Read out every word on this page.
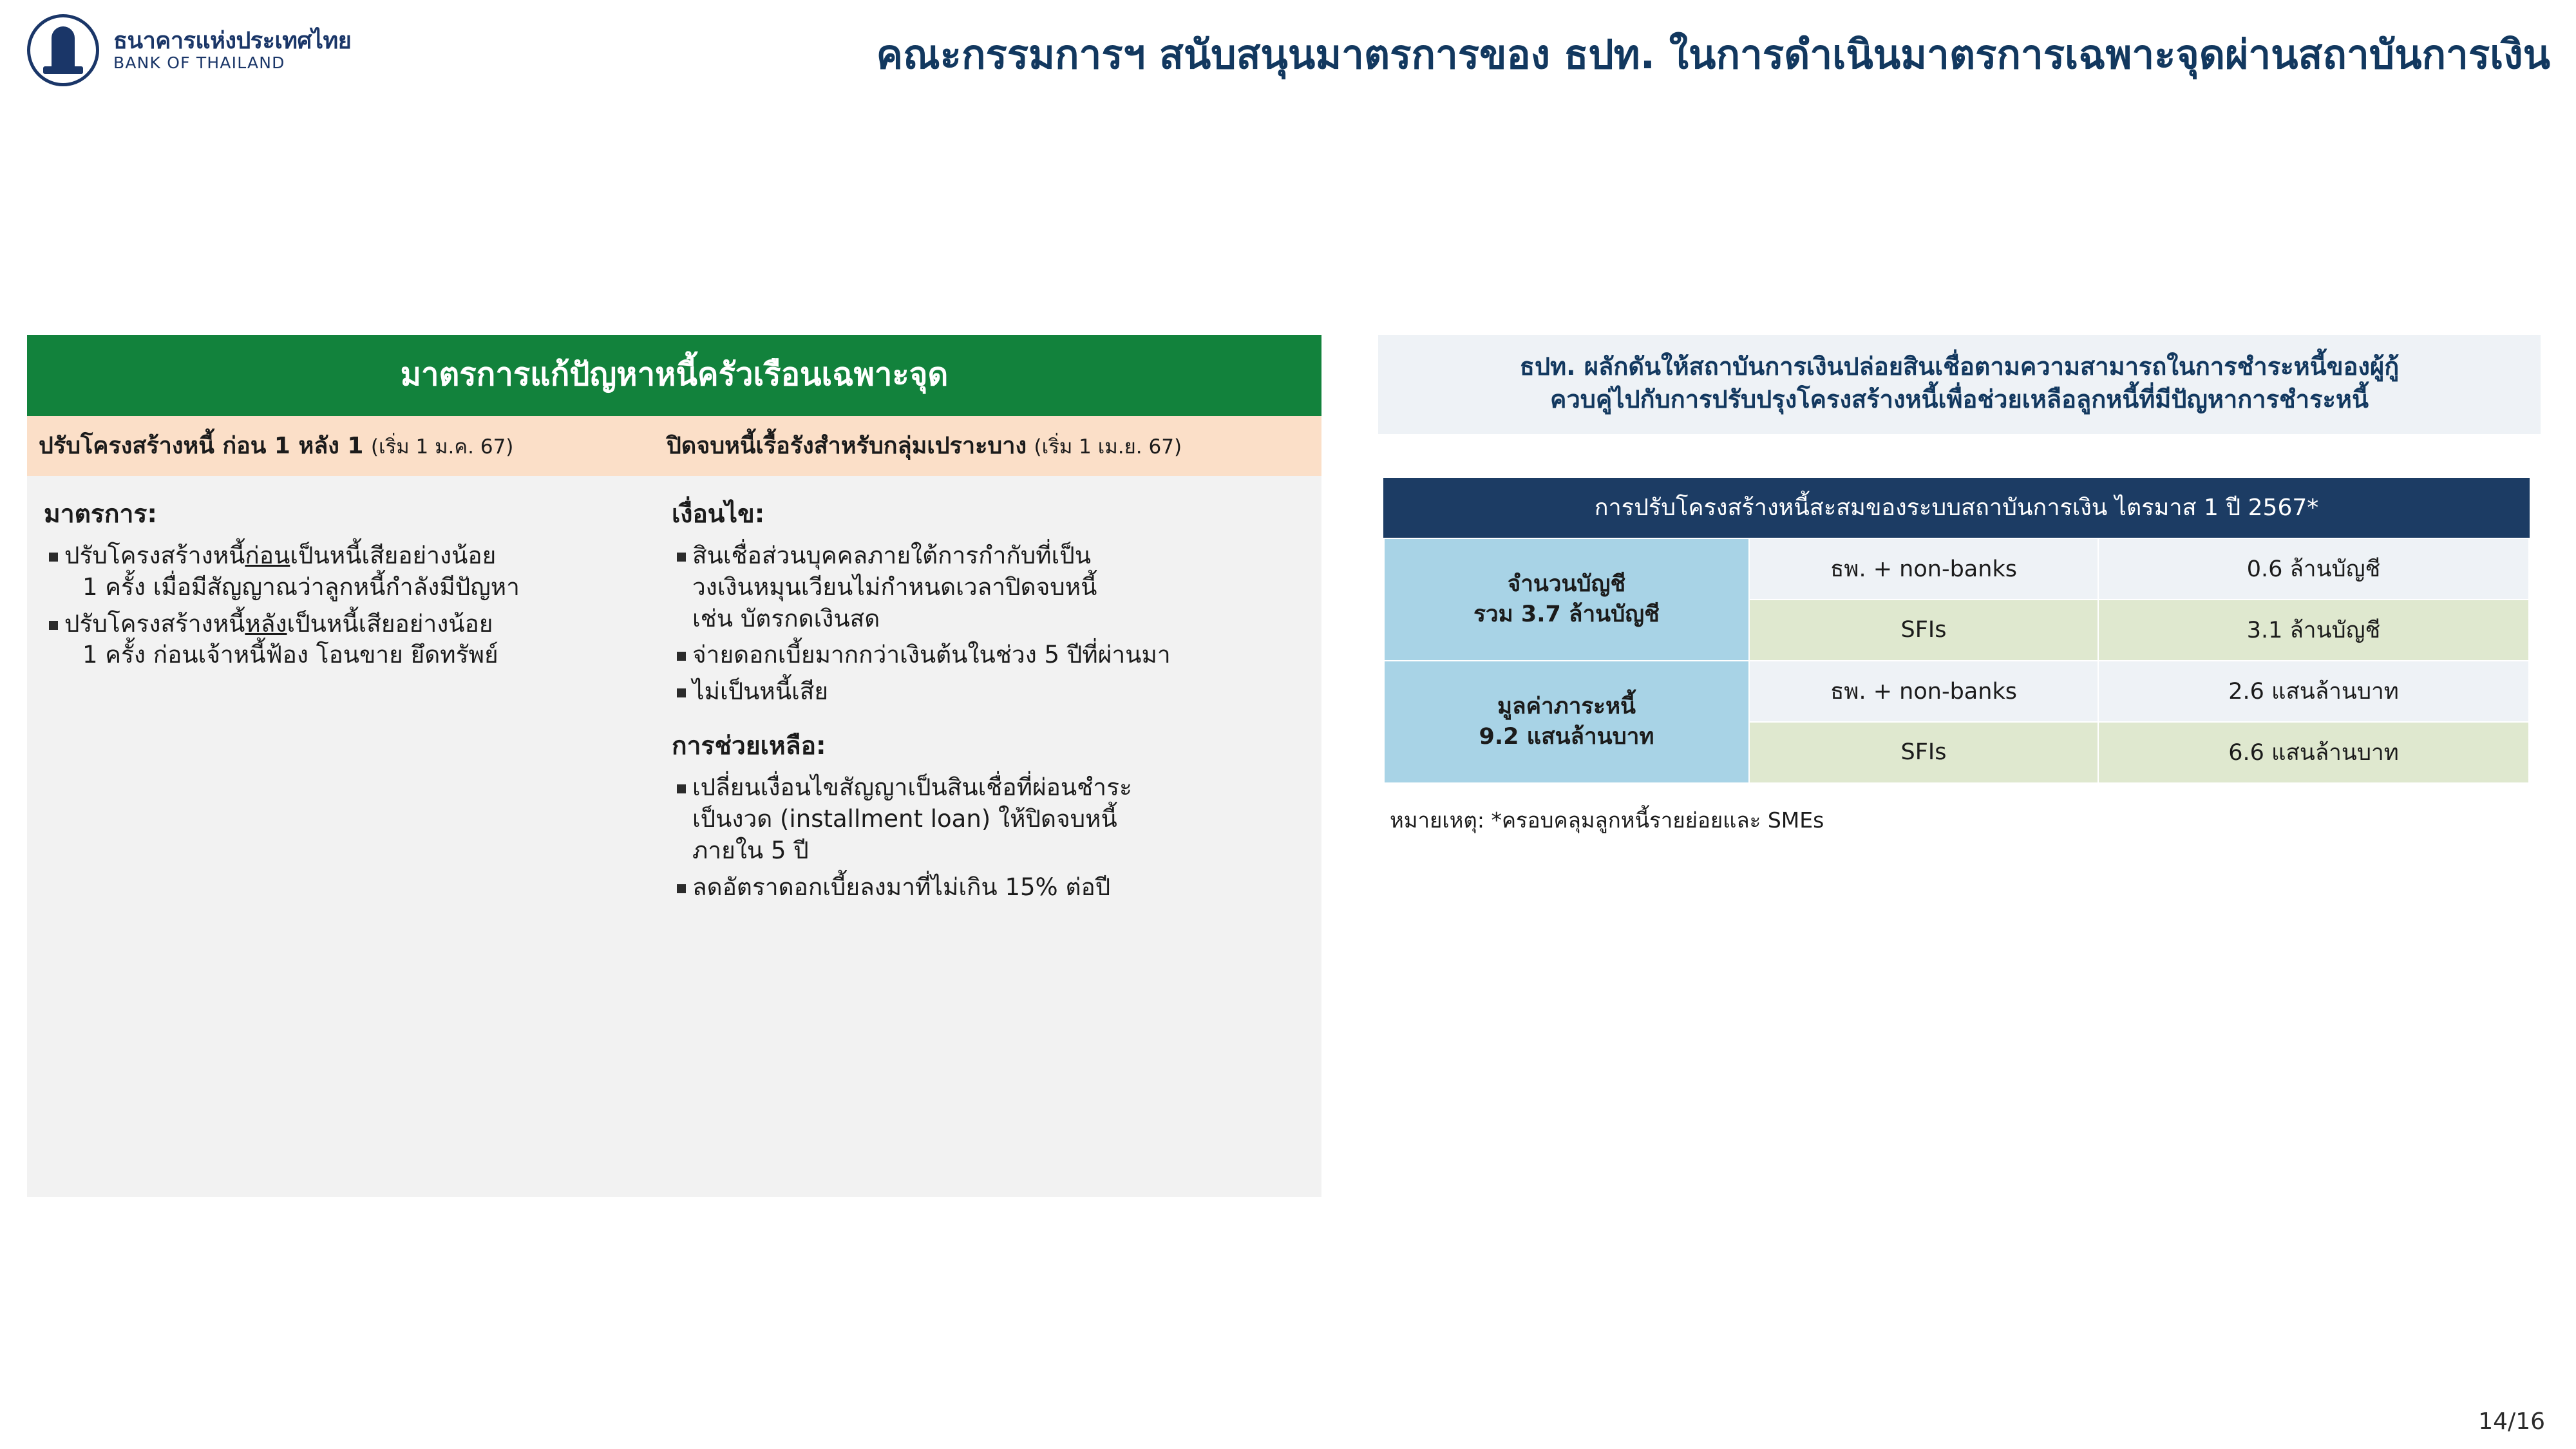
ธนาคารแห่งประเทศไทย
BANK OF THAILAND	คณะกรรมการฯ สนับสนุนมาตรการของ ธปท. ในการดำเนินมาตรการเฉพาะจุดผ่านสถาบันการเงิน
มาตรการแก้ปัญหาหนี้ครัวเรือนเฉพาะจุด
ปรับโครงสร้างหนี้ ก่อน 1 หลัง 1 (เริ่ม 1 ม.ค. 67)	ปิดจบหนี้เรื้อรังสำหรับกลุ่มเปราะบาง (เริ่ม 1 เม.ย. 67)
มาตรการ:
ปรับโครงสร้างหนี้ก่อนเป็นหนี้เสียอย่างน้อย
1 ครั้ง เมื่อมีสัญญาณว่าลูกหนี้กำลังมีปัญหา
ปรับโครงสร้างหนี้หลังเป็นหนี้เสียอย่างน้อย
1 ครั้ง ก่อนเจ้าหนี้ฟ้อง โอนขาย ยึดทรัพย์
เงื่อนไข:
สินเชื่อส่วนบุคคลภายใต้การกำกับที่เป็น
วงเงินหมุนเวียนไม่กำหนดเวลาปิดจบหนี้
เช่น บัตรกดเงินสด
จ่ายดอกเบี้ยมากกว่าเงินต้นในช่วง 5 ปีที่ผ่านมา
ไม่เป็นหนี้เสีย
การช่วยเหลือ:
เปลี่ยนเงื่อนไขสัญญาเป็นสินเชื่อที่ผ่อนชำระ
เป็นงวด (installment loan) ให้ปิดจบหนี้
ภายใน 5 ปี
ลดอัตราดอกเบี้ยลงมาที่ไม่เกิน 15% ต่อปี
ธปท. ผลักดันให้สถาบันการเงินปล่อยสินเชื่อตามความสามารถในการชำระหนี้ของผู้กู้
ควบคู่ไปกับการปรับปรุงโครงสร้างหนี้เพื่อช่วยเหลือลูกหนี้ที่มีปัญหาการชำระหนี้
การปรับโครงสร้างหนี้สะสมของระบบสถาบันการเงิน ไตรมาส 1 ปี 2567*
จำนวนบัญชี
รวม 3.7 ล้านบัญชี	ธพ. + non-banks	0.6 ล้านบัญชี
	SFIs	3.1 ล้านบัญชี

มูลค่าภาระหนี้
9.2 แสนล้านบาท	ธพ. + non-banks	2.6 แสนล้านบาท
	SFIs	6.6 แสนล้านบาท
หมายเหตุ: *ครอบคลุมลูกหนี้รายย่อยและ SMEs
14/16
